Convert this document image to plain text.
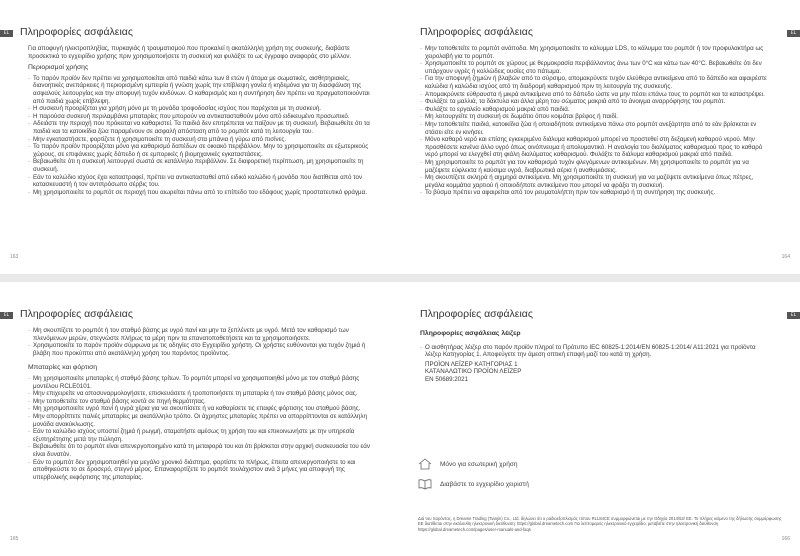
EL	Πληροφορίες ασφάλειας
Για αποφυγή ηλεκτροπληξίας, πυρκαγιάς ή τραυματισμού που προκαλεί η ακατάλληλη χρήση της συσκευής, διαβάστε προσεκτικά το εγχειρίδιο χρήσης πριν χρησιμοποιήσετε τη συσκευή και φυλάξτε το ως έγγραφο αναφοράς στο μέλλον.
Περιορισμοί χρήσης
· Το παρόν προϊόν δεν πρέπει να χρησιμοποιείται από παιδιά κάτω των 8 ετών ή άτομα με σωματικές, αισθητηριακές, διανοητικές ανεπάρκειες ή περιορισμένη εμπειρία ή γνώση χωρίς την επίβλεψη γονέα ή κηδεμόνα για τη διασφάλιση της ασφαλούς λειτουργίας και την αποφυγή τυχόν κινδύνων. Ο καθαρισμός και η συντήρηση δεν πρέπει να πραγματοποιούνται από παιδιά χωρίς επίβλεψη.
· Η συσκευή προορίζεται για χρήση μόνο με τη μονάδα τροφοδοσίας ισχύος που παρέχεται με τη συσκευή.
· Η παρούσα συσκευή περιλαμβάνει μπαταρίες που μπορούν να αντικατασταθούν μόνο από ειδικευμένο προσωπικό.
· Αδειάστε την περιοχή που πρόκειται να καθαριστεί. Τα παιδιά δεν επιτρέπεται να παίζουν με τη συσκευή. Βεβαιωθείτε ότι τα παιδιά και τα κατοικίδια ζώα παραμένουν σε ασφαλή απόσταση από το ρομπότ κατά τη λειτουργία του.
· Μην εγκαταστήσετε, φορτίζετε ή χρησιμοποιείτε τη συσκευή στα μπάνια ή γύρω από πισίνες.
· Το παρόν προϊόν προορίζεται μόνο για καθαρισμό δαπέδων σε οικιακό περιβάλλον. Μην το χρησιμοποιείτε σε εξωτερικούς χώρους, σε επιφάνειες χωρίς δάπεδο ή σε εμπορικές ή βιομηχανικές εγκαταστάσεις.
· Βεβαιωθείτε ότι η συσκευή λειτουργεί σωστά σε κατάλληλο περιβάλλον. Σε διαφορετική περίπτωση, μη χρησιμοποιείτε τη συσκευή.
· Εάν το καλώδιο ισχύος έχει καταστραφεί, πρέπει να αντικατασταθεί από ειδικό καλώδιο ή μονάδα που διατίθεται από τον κατασκευαστή ή τον αντιπρόσωπο σέρβις του.
· Μη χρησιμοποιείτε το ρομπότ σε περιοχή που αιωρείται πάνω από το επίπεδο του εδάφους χωρίς προστατευτικό φράγμα.
163
EL
Πληροφορίες ασφάλειας
· Μην τοποθετείτε το ρομπότ ανάποδα. Μη χρησιμοποιείτε το κάλυμμα LDS, το κάλυμμα του ρομπότ ή τον προφυλακτήρα ως χειρολαβή για το ρομπότ.
· Χρησιμοποιείτε το ρομπότ σε χώρους με θερμοκρασία περιβάλλοντος άνω των 0°C και κάτω των 40°C. Βεβαιωθείτε ότι δεν υπάρχουν υγρές ή κολλώδεις ουσίες στο πάτωμα.
· Για την αποφυγή ζημιών ή βλαβών από το σύρσιμο, απομακρύνετε τυχόν ελεύθερα αντικείμενα από το δάπεδο και αφαιρέστε καλώδια ή καλώδια ισχύος από τη διαδρομή καθαρισμού πριν τη λειτουργία της συσκευής.
· Απομακρύνετε εύθραυστα ή μικρά αντικείμενα από το δάπεδο ώστε να μην πέσει επάνω τους το ρομπότ και τα καταστρέψει.
· Φυλάξτε τα μαλλιά, τα δάκτυλα και άλλα μέρη του σώματος μακριά από το άνοιγμα αναρρόφησης του ρομπότ.
· Φυλάξτε το εργαλείο καθαρισμού μακριά από παιδιά.
· Μη λειτουργείτε τη συσκευή σε δωμάτιο όπου κοιμάται βρέφος ή παιδί.
· Μην τοποθετείτε παιδιά, κατοικίδια ζώα ή οποιαδήποτε αντικείμενα πάνω στο ρομπότ ανεξάρτητα από το εάν βρίσκεται εν στάσει είτε εν κινήσει.
· Μόνο καθαρό νερό και επίσης εγκεκριμένο διάλυμα καθαρισμού μπορεί να προστεθεί στη δεξαμενή καθαρού νερού. Μην προσθέσετε κανένα άλλο υγρό όπως οινόπνευμα ή απολυμαντικό. Η αναλογία του διαλύματος καθαρισμού προς το καθαρό νερό μπορεί να ελεγχθεί στη φιάλη διαλύματος καθαρισμού. Φυλάξτε το διάλυμα καθαρισμού μακριά από παιδιά.
· Μη χρησιμοποιείτε το ρομπότ για τον καθαρισμό τυχόν φλεγόμενων αντικειμένων. Μη χρησιμοποιείτε το ρομπότ για να μαζέψετε εύφλεκτα ή καύσιμα υγρά, διαβρωτικά αέρια ή αναθυμιάσεις.
· Μη σκουπίζετε σκληρά ή αιχμηρά αντικείμενα. Μη χρησιμοποιείτε τη συσκευή για να μαζέψετε αντικείμενα όπως πέτρες, μεγάλα κομμάτια χαρτιού ή οποιοδήποτε αντικείμενο που μπορεί να φράξει τη συσκευή.
· Το βύσμα πρέπει να αφαιρείται από τον ρευματολήπτη πριν τον καθαρισμό ή τη συντήρηση της συσκευής.
164
EL	Πληροφορίες ασφάλειας
· Μη σκουπίζετε το ρομπότ ή τον σταθμό βάσης με υγρό πανί και μην τα ξεπλένετε με υγρό. Μετά τον καθαρισμό των πλενόμενων μερών, στεγνώστε πλήρως τα μέρη πριν τα επανατοποθετήσετε και τα χρησιμοποιήσετε.
· Χρησιμοποιείτε το παρόν προϊόν σύμφωνα με τις οδηγίες στο Εγχειρίδιο χρήστη. Οι χρήστες ευθύνονται για τυχόν ζημιά ή βλάβη που προκύπτει από ακατάλληλη χρήση του παρόντος προϊόντος.
Μπαταρίες και φόρτιση
· Μη χρησιμοποιείτε μπαταρίες ή σταθμό βάσης τρίτων. Το ρομπότ μπορεί να χρησιμοποιηθεί μόνο με τον σταθμό βάσης μοντέλου RCLE0101.
· Μην επιχειρείτε να αποσυναρμολογήσετε, επισκευάσετε ή τροποποιήσετε τη μπαταρία ή τον σταθμό βάσης μόνος σας.
· Μην τοποθετείτε τον σταθμό βάσης κοντά σε πηγή θερμότητας.
· Μη χρησιμοποιείτε υγρό πανί ή υγρά χέρια για να σκουπίσετε ή να καθαρίσετε τις επαφές φόρτισης του σταθμού βάσης.
· Μην απορρίπτετε παλιές μπαταρίες με ακατάλληλο τρόπο. Οι άχρηστες μπαταρίες πρέπει να απορρίπτονται σε κατάλληλη μονάδα ανακύκλωσης.
· Εάν το καλώδιο ισχύος υποστεί ζημιά ή ρωγμή, σταματήστε αμέσως τη χρήση του και επικοινωνήστε με την υπηρεσία εξυπηρέτησης μετά την πώληση.
· Βεβαιωθείτε ότι το ρομπότ είναι απενεργοποιημένο κατά τη μεταφορά του και ότι βρίσκεται στην αρχική συσκευασία του εάν είναι δυνατόν.
· Εάν το ρομπότ δεν χρησιμοποιηθεί για μεγάλο χρονικό διάστημα, φορτίστε το πλήρως, έπειτα απενεργοποιήστε το και αποθηκεύστε το σε δροσερό, στεγνό μέρος. Επαναφορτίζετε το ρομπότ τουλάχιστον ανά 3 μήνες για αποφυγή της υπερβολικής εκφόρτισης της μπαταρίας.
165
EL
Πληροφορίες ασφάλειας
Πληροφορίες ασφάλειας λέιζερ
· Ο αισθητήρας λέιζερ στο παρόν προϊόν πληροί το Πρότυπο IEC 60825-1:2014/EN 60825-1:2014/ A11:2021 για προϊόντα λέιζερ Κατηγορίας 1. Αποφεύγετε την άμεση οπτική επαφή μαζί του κατά τη χρήση.
ΠΡΟΪΟΝ ΛΕΪΖΕΡ ΚΑΤΗΓΟΡΙΑΣ 1
ΚΑΤΑΝΑΛΩΤΙΚΟ ΠΡΟΪΟΝ ΛΕΪΖΕΡ
EN 50689:2021
Μόνο για εσωτερική χρήση
Διαβάστε το εγχειρίδιο χειριστή
Διά του παρόντος, η Dreame Trading (Tianjin) Co., Ltd. δηλώνει ότι ο ραδιοεξοπλισμός τύπου RLL84CE συμμορφώνεται με την Οδηγία 2014/53/ ΕΕ. Το πλήρες κείμενο της δήλωσης συμμόρφωσης ΕΕ διατίθεται στην ακόλουθη ηλεκτρονική διεύθυνση: https://global.dreametech.com Για λεπτομερείς ηλεκτρονικό εγχειρίδιο, μεταβείτε στην ηλεκτρονική διεύθυνση https://global.dreametech.com/pages/user-manuals-and-faqs
166
